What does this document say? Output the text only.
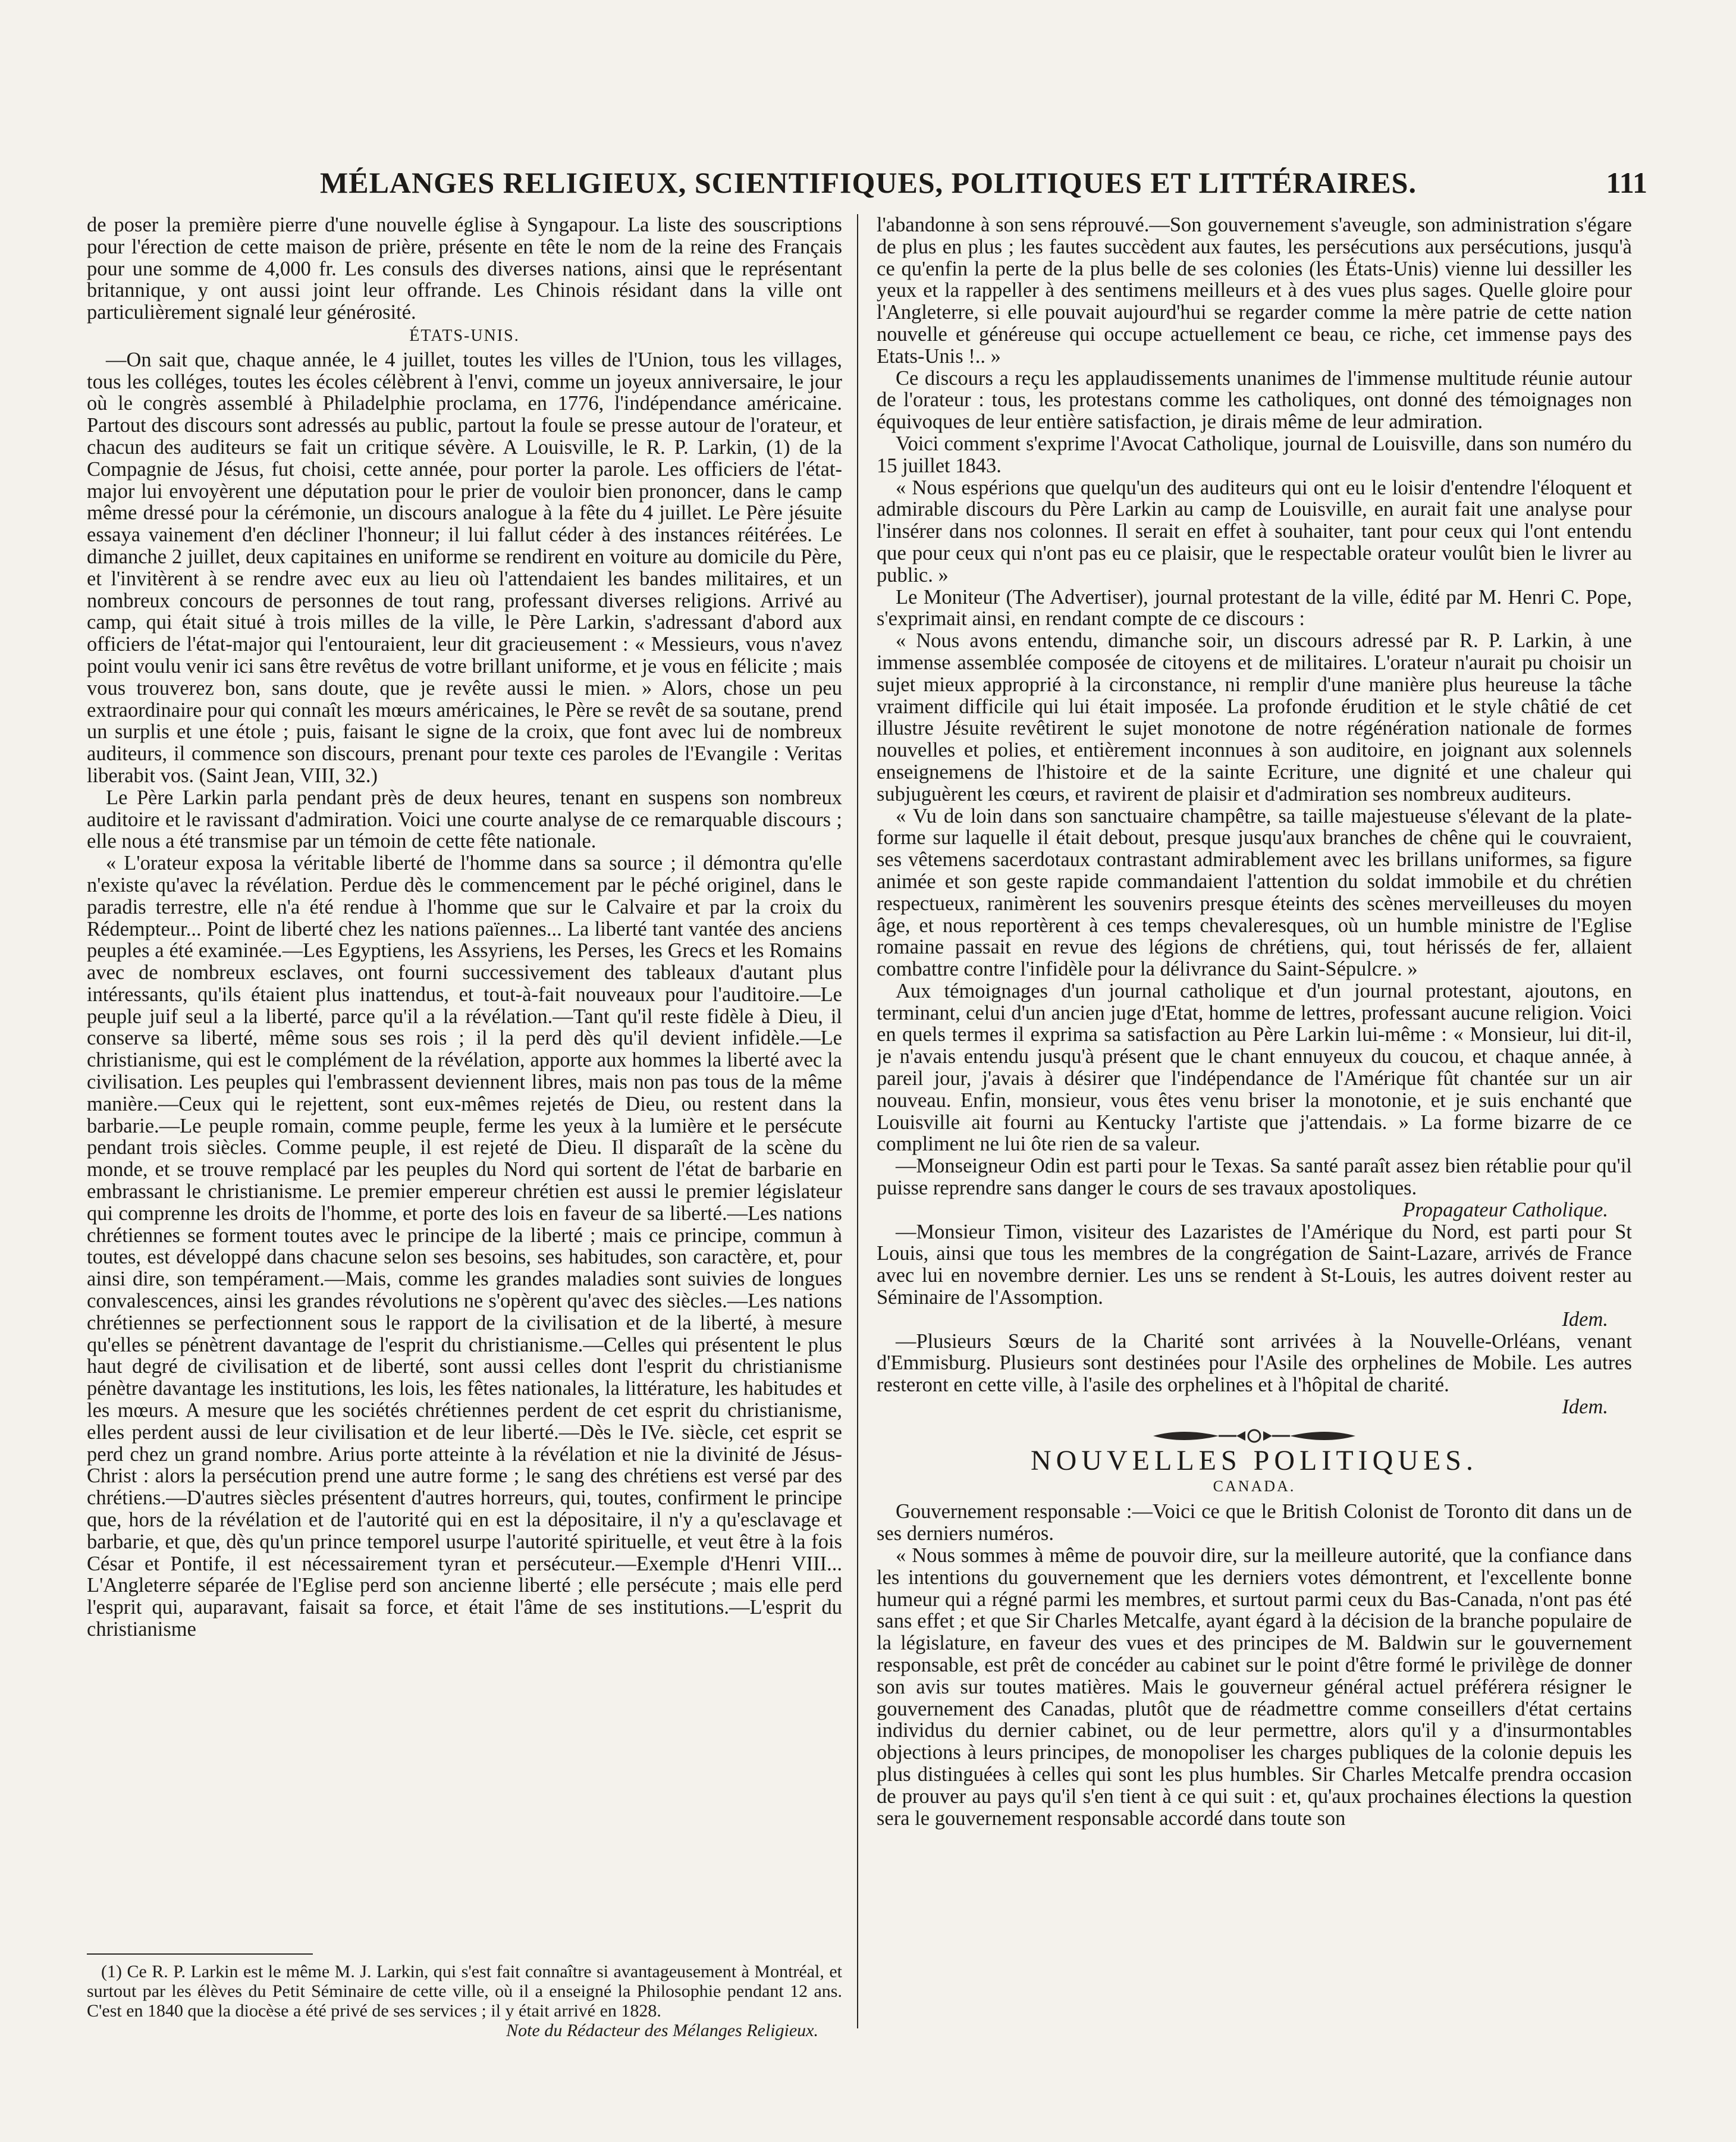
MÉLANGES RELIGIEUX, SCIENTIFIQUES, POLITIQUES ET LITTÉRAIRES.	111

de poser la première pierre d'une nouvelle église à Syngapour. La liste des souscriptions pour l'érection de cette maison de prière, présente en tête le nom de la reine des Français pour une somme de 4,000 fr. Les consuls des diverses nations, ainsi que le représentant britannique, y ont aussi joint leur offrande. Les Chinois résidant dans la ville ont particulièrement signalé leur générosité.

ÉTATS-UNIS.

—On sait que, chaque année, le 4 juillet, toutes les villes de l'Union, tous les villages, tous les colléges, toutes les écoles célèbrent à l'envi, comme un joyeux anniversaire, le jour où le congrès assemblé à Philadelphie proclama, en 1776, l'indépendance américaine. Partout des discours sont adressés au public, partout la foule se presse autour de l'orateur, et chacun des auditeurs se fait un critique sévère. A Louisville, le R. P. Larkin, (1) de la Compagnie de Jésus, fut choisi, cette année, pour porter la parole. Les officiers de l'état-major lui envoyèrent une députation pour le prier de vouloir bien prononcer, dans le camp même dressé pour la cérémonie, un discours analogue à la fête du 4 juillet. Le Père jésuite essaya vainement d'en décliner l'honneur; il lui fallut céder à des instances réitérées. Le dimanche 2 juillet, deux capitaines en uniforme se rendirent en voiture au domicile du Père, et l'invitèrent à se rendre avec eux au lieu où l'attendaient les bandes militaires, et un nombreux concours de personnes de tout rang, professant diverses religions. Arrivé au camp, qui était situé à trois milles de la ville, le Père Larkin, s'adressant d'abord aux officiers de l'état-major qui l'entouraient, leur dit gracieusement : « Messieurs, vous n'avez point voulu venir ici sans être revêtus de votre brillant uniforme, et je vous en félicite ; mais vous trouverez bon, sans doute, que je revête aussi le mien. » Alors, chose un peu extraordinaire pour qui connaît les mœurs américaines, le Père se revêt de sa soutane, prend un surplis et une étole ; puis, faisant le signe de la croix, que font avec lui de nombreux auditeurs, il commence son discours, prenant pour texte ces paroles de l'Evangile : Veritas liberabit vos. (Saint Jean, VIII, 32.)

Le Père Larkin parla pendant près de deux heures, tenant en suspens son nombreux auditoire et le ravissant d'admiration. Voici une courte analyse de ce remarquable discours ; elle nous a été transmise par un témoin de cette fête nationale.

« L'orateur exposa la véritable liberté de l'homme dans sa source ; il démontra qu'elle n'existe qu'avec la révélation. Perdue dès le commencement par le péché originel, dans le paradis terrestre, elle n'a été rendue à l'homme que sur le Calvaire et par la croix du Rédempteur... Point de liberté chez les nations païennes... La liberté tant vantée des anciens peuples a été examinée.—Les Egyptiens, les Assyriens, les Perses, les Grecs et les Romains avec de nombreux esclaves, ont fourni successivement des tableaux d'autant plus intéressants, qu'ils étaient plus inattendus, et tout-à-fait nouveaux pour l'auditoire.—Le peuple juif seul a la liberté, parce qu'il a la révélation.—Tant qu'il reste fidèle à Dieu, il conserve sa liberté, même sous ses rois ; il la perd dès qu'il devient infidèle.—Le christianisme, qui est le complément de la révélation, apporte aux hommes la liberté avec la civilisation. Les peuples qui l'embrassent deviennent libres, mais non pas tous de la même manière.—Ceux qui le rejettent, sont eux-mêmes rejetés de Dieu, ou restent dans la barbarie.—Le peuple romain, comme peuple, ferme les yeux à la lumière et le persécute pendant trois siècles. Comme peuple, il est rejeté de Dieu. Il disparaît de la scène du monde, et se trouve remplacé par les peuples du Nord qui sortent de l'état de barbarie en embrassant le christianisme. Le premier empereur chrétien est aussi le premier législateur qui comprenne les droits de l'homme, et porte des lois en faveur de sa liberté.—Les nations chrétiennes se forment toutes avec le principe de la liberté ; mais ce principe, commun à toutes, est développé dans chacune selon ses besoins, ses habitudes, son caractère, et, pour ainsi dire, son tempérament.—Mais, comme les grandes maladies sont suivies de longues convalescences, ainsi les grandes révolutions ne s'opèrent qu'avec des siècles.—Les nations chrétiennes se perfectionnent sous le rapport de la civilisation et de la liberté, à mesure qu'elles se pénètrent davantage de l'esprit du christianisme.—Celles qui présentent le plus haut degré de civilisation et de liberté, sont aussi celles dont l'esprit du christianisme pénètre davantage les institutions, les lois, les fêtes nationales, la littérature, les habitudes et les mœurs. A mesure que les sociétés chrétiennes perdent de cet esprit du christianisme, elles perdent aussi de leur civilisation et de leur liberté.—Dès le IVe. siècle, cet esprit se perd chez un grand nombre. Arius porte atteinte à la révélation et nie la divinité de Jésus-Christ : alors la persécution prend une autre forme ; le sang des chrétiens est versé par des chrétiens.—D'autres siècles présentent d'autres horreurs, qui, toutes, confirment le principe que, hors de la révélation et de l'autorité qui en est la dépositaire, il n'y a qu'esclavage et barbarie, et que, dès qu'un prince temporel usurpe l'autorité spirituelle, et veut être à la fois César et Pontife, il est nécessairement tyran et persécuteur.—Exemple d'Henri VIII... L'Angleterre séparée de l'Eglise perd son ancienne liberté ; elle persécute ; mais elle perd l'esprit qui, auparavant, faisait sa force, et était l'âme de ses institutions.—L'esprit du christianisme

(1) Ce R. P. Larkin est le même M. J. Larkin, qui s'est fait connaître si avantageusement à Montréal, et surtout par les élèves du Petit Séminaire de cette ville, où il a enseigné la Philosophie pendant 12 ans. C'est en 1840 que la diocèse a été privé de ses services ; il y était arrivé en 1828.

Note du Rédacteur des Mélanges Religieux.

l'abandonne à son sens réprouvé.—Son gouvernement s'aveugle, son administration s'égare de plus en plus ; les fautes succèdent aux fautes, les persécutions aux persécutions, jusqu'à ce qu'enfin la perte de la plus belle de ses colonies (les États-Unis) vienne lui dessiller les yeux et la rappeller à des sentimens meilleurs et à des vues plus sages. Quelle gloire pour l'Angleterre, si elle pouvait aujourd'hui se regarder comme la mère patrie de cette nation nouvelle et généreuse qui occupe actuellement ce beau, ce riche, cet immense pays des Etats-Unis !.. »

Ce discours a reçu les applaudissements unanimes de l'immense multitude réunie autour de l'orateur : tous, les protestans comme les catholiques, ont donné des témoignages non équivoques de leur entière satisfaction, je dirais même de leur admiration.

Voici comment s'exprime l'Avocat Catholique, journal de Louisville, dans son numéro du 15 juillet 1843.

« Nous espérions que quelqu'un des auditeurs qui ont eu le loisir d'entendre l'éloquent et admirable discours du Père Larkin au camp de Louisville, en aurait fait une analyse pour l'insérer dans nos colonnes. Il serait en effet à souhaiter, tant pour ceux qui l'ont entendu que pour ceux qui n'ont pas eu ce plaisir, que le respectable orateur voulût bien le livrer au public. »

Le Moniteur (The Advertiser), journal protestant de la ville, édité par M. Henri C. Pope, s'exprimait ainsi, en rendant compte de ce discours :

« Nous avons entendu, dimanche soir, un discours adressé par R. P. Larkin, à une immense assemblée composée de citoyens et de militaires. L'orateur n'aurait pu choisir un sujet mieux approprié à la circonstance, ni remplir d'une manière plus heureuse la tâche vraiment difficile qui lui était imposée. La profonde érudition et le style châtié de cet illustre Jésuite revêtirent le sujet monotone de notre régénération nationale de formes nouvelles et polies, et entièrement inconnues à son auditoire, en joignant aux solennels enseignemens de l'histoire et de la sainte Ecriture, une dignité et une chaleur qui subjuguèrent les cœurs, et ravirent de plaisir et d'admiration ses nombreux auditeurs.

« Vu de loin dans son sanctuaire champêtre, sa taille majestueuse s'élevant de la plate-forme sur laquelle il était debout, presque jusqu'aux branches de chêne qui le couvraient, ses vêtemens sacerdotaux contrastant admirablement avec les brillans uniformes, sa figure animée et son geste rapide commandaient l'attention du soldat immobile et du chrétien respectueux, ranimèrent les souvenirs presque éteints des scènes merveilleuses du moyen âge, et nous reportèrent à ces temps chevaleresques, où un humble ministre de l'Eglise romaine passait en revue des légions de chrétiens, qui, tout hérissés de fer, allaient combattre contre l'infidèle pour la délivrance du Saint-Sépulcre. »

Aux témoignages d'un journal catholique et d'un journal protestant, ajoutons, en terminant, celui d'un ancien juge d'Etat, homme de lettres, professant aucune religion. Voici en quels termes il exprima sa satisfaction au Père Larkin lui-même : « Monsieur, lui dit-il, je n'avais entendu jusqu'à présent que le chant ennuyeux du coucou, et chaque année, à pareil jour, j'avais à désirer que l'indépendance de l'Amérique fût chantée sur un air nouveau. Enfin, monsieur, vous êtes venu briser la monotonie, et je suis enchanté que Louisville ait fourni au Kentucky l'artiste que j'attendais. » La forme bizarre de ce compliment ne lui ôte rien de sa valeur.

—Monseigneur Odin est parti pour le Texas. Sa santé paraît assez bien rétablie pour qu'il puisse reprendre sans danger le cours de ses travaux apostoliques.

Propagateur Catholique.

—Monsieur Timon, visiteur des Lazaristes de l'Amérique du Nord, est parti pour St Louis, ainsi que tous les membres de la congrégation de Saint-Lazare, arrivés de France avec lui en novembre dernier. Les uns se rendent à St-Louis, les autres doivent rester au Séminaire de l'Assomption.

Idem.

—Plusieurs Sœurs de la Charité sont arrivées à la Nouvelle-Orléans, venant d'Emmisburg. Plusieurs sont destinées pour l'Asile des orphelines de Mobile. Les autres resteront en cette ville, à l'asile des orphelines et à l'hôpital de charité.

Idem.
NOUVELLES POLITIQUES.
CANADA.

Gouvernement responsable :—Voici ce que le British Colonist de Toronto dit dans un de ses derniers numéros.

« Nous sommes à même de pouvoir dire, sur la meilleure autorité, que la confiance dans les intentions du gouvernement que les derniers votes démontrent, et l'excellente bonne humeur qui a régné parmi les membres, et surtout parmi ceux du Bas-Canada, n'ont pas été sans effet ; et que Sir Charles Metcalfe, ayant égard à la décision de la branche populaire de la législature, en faveur des vues et des principes de M. Baldwin sur le gouvernement responsable, est prêt de concéder au cabinet sur le point d'être formé le privilège de donner son avis sur toutes matières. Mais le gouverneur général actuel préférera résigner le gouvernement des Canadas, plutôt que de réadmettre comme conseillers d'état certains individus du dernier cabinet, ou de leur permettre, alors qu'il y a d'insurmontables objections à leurs principes, de monopoliser les charges publiques de la colonie depuis les plus distinguées à celles qui sont les plus humbles. Sir Charles Metcalfe prendra occasion de prouver au pays qu'il s'en tient à ce qui suit : et, qu'aux prochaines élections la question sera le gouvernement responsable accordé dans toute son
